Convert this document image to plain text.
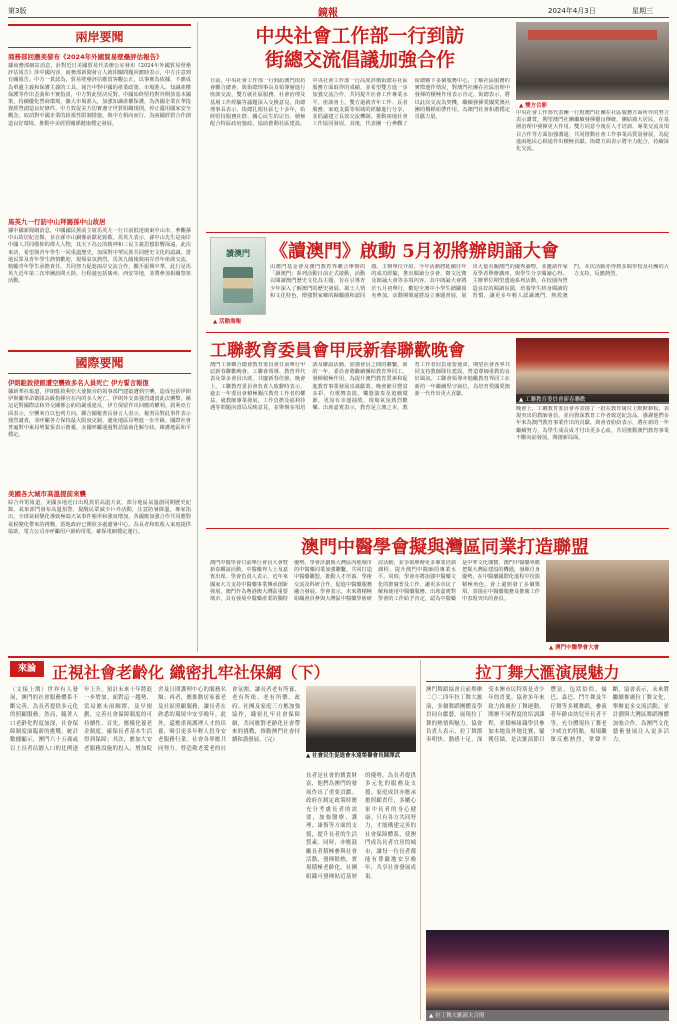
第3版	鏡報	2024年4月3日	星期三
兩岸要聞
商務部回應美發布《2024年外國貿易壁壘評估報告》
據商務部網站消息，針對近日美國貿易代表辦公室發布《2024年外國貿易壁壘評估報告》涉中國內容，商務部新聞發言人就相關問題回應時表示，中方注意到有關報告。中方一貫認為，貿易壁壘評估應當客觀公正，以事實為依據，不應成為單邊主義和保護主義的工具。報告中對中國的產業政策、市場准入、知識產權保護等作出歪曲和不實指責，中方對此堅決反對。中國始終堅持對外開放基本國策，持續優化營商環境，擴大市場准入，加強知識產權保護，為各國企業在華投資經營創造良好條件。中方敦促美方切實遵守世貿組織規則，停止濫用國家安全概念，取消對中國企業的歧視性限制措施，與中方相向而行，為兩國經貿合作創造良好環境，推動中美經貿關係健康穩定發展。
馬英九一行訪中山拜謁孫中山故居
據中國新聞網消息，中國國民黨前主席馬英九一行日前抵達廣東中山市，參觀孫中山故居紀念館，並在孫中山銅像前獻花致敬。馬英九表示，孫中山先生是兩岸中國人共同敬仰的偉大人物，其天下為公的精神和三民主義思想影響深遠。此次來訪，希望與青年學生一同重溫歷史，加深對中華民族共同歷史文化的認識。當地民眾及青年學生熱情歡迎，現場氣氛熱烈。馬英九隨後與兩岸青年座談交流，勉勵青年學生承擔責任，共同努力促進兩岸交流合作，攜手振興中華。此行是馬英九近年第二次率團訪問大陸，行程還包括廣州、西安等地，並將參加相關祭祖活動。
國際要聞
伊朗駐敘使館遭空襲致多名人員死亡 伊方誓言報復
據新華社報道，伊朗駐敘利亞大使館旁的領事部門建築遭到空襲，造成包括伊朗伊斯蘭革命衛隊高級指揮官在內的多人死亡。伊朗外交部強烈譴責此次襲擊，稱這是對國際法和外交關係公約的嚴重違反，伊方保留作出回應的權利。敘利亞方面表示，空襲來自以色列方向。聯合國秘書長發言人表示，秘書長對此事件表示強烈譴責，並呼籲各方保持最大限度克制，避免地區局勢進一步升級。國際社會普遍對中東局勢緊張表示擔憂，多國呼籲通過對話協商化解分歧，維護地區和平穩定。
美國各大城市高溫提前來襲
綜合外電報道，美國多地近日出現異常高溫天氣，部分地區氣溫創同期歷史紀錄。氣象部門發布高溫預警，提醒民眾減少戶外活動，注意防暑降溫。專家指出，全球氣候變化導致極端天氣事件頻率和強度增加，各國應加強合作共同應對氣候變化帶來的挑戰。當地政府已開放多處避暑中心，為長者和低收入家庭提供協助，電力公司亦呼籲用戶節約用電，確保電網穩定運行。
中央社會工作部一行到訪
街總交流倡議加強合作
日前，中央社會工作部一行到訪澳門街坊會聯合總會，與街總理事長及領導層進行座談交流，雙方就社區服務、社會治理及基層工作經驗等議題深入交換意見。街總理事長表示，街總扎根社區七十多年，始終堅持服務社群、關心民生的宗旨，積極配合特區政府施政，協助推動社區建設。中央社會工作部一行高度評價街總在社區服務方面取得的成績，並希望雙方進一步加強交流合作，共同提升社會工作專業水平。座談會上，雙方還就青年工作、長者服務、家庭支援等領域的經驗進行分享，並倡議建立長效交流機制，推動兩地社會工作協同發展。其後，代表團一行參觀了街總轄下多個服務中心，了解社區服務的實際運作情況，對澳門社團在社區治理中發揮的積極作用表示肯定。街總表示，將以此次交流為契機，繼續發揮愛國愛澳社團的橋樑紐帶作用，為澳門社會和諧穩定貢獻力量。
▲ 雙方合影
中央社會工作部代表團一行對澳門社團在社區服務方面所作的努力表示讚賞，期望澳門社團繼續發揮優良傳統，團結廣大居民，在基層治理中發揮更大作用。雙方同意今後在人才培訓、專業交流及項目合作等方面加強溝通，共同推動社會工作事業高質量發展，為促進兩地民心相通作出積極貢獻。街總方面表示將全力配合，持續深化交流。
《讀澳門》啟動 5月初將辦朗誦大會
讀澳門
▲ 活動海報
由澳門基金會及澳門教育界聯合舉辦的「讀澳門」系列活動日前正式啟動，活動以閱讀澳門歷史文化為主題，旨在引導青少年深入了解澳門的歷史發展、風土人情和文化特色，增強對家鄉的歸屬感和認同感。主辦單位介紹，今年活動將延續往年的成功經驗，推出閱讀分享會、徵文比賽及朗誦大會等多項內容。其中朗誦大會將於五月初舉行，歡迎全澳中小學生踴躍報名參加。活動期間還將設立專題書展，展出大量有關澳門的優秀讀物，並邀請作家及學者舉辦講座，與學生分享閱讀心得。主辦單位期望透過系列活動，在校園內營造良好的閱讀氛圍，培養學生終身閱讀的習慣，讓更多年輕人認識澳門、熱愛澳門。本次活動亦得到多間學校及社團的大力支持，反應熱烈。
工聯教育委員會甲辰新春聯歡晚會
澳門工會聯合總會教育委員會日前舉行甲辰新春聯歡晚會，工聯會領導、教育界代表及眾多會員出席，共慶新春佳節。晚會上，工聯教育委員會負責人致辭時表示，過去一年委員會積極關注教育工作者的權益，就教師專業發展、工作負擔及福利待遇等問題向當局反映意見，並舉辦多項培訓及聯誼活動，加強會員之間的聯繫。新的一年，委員會將繼續團結教育界同工，發揮積極作用，為提升澳門教育質素和促進教育事業發展出謀獻策。晚會節目豐富多彩，有歌舞表演、樂器演奏及遊戲環節，更設有幸運抽獎，現場氣氛熱烈歡樂。出席嘉賓表示，教育是立澳之本，教育工作者肩負重要使命，期望社會各界共同支持教師隊伍建設，營造尊師重教的良好風氣。工聯會領導亦勉勵教育界同工在新的一年繼續堅守崗位，為培育愛國愛澳新一代作出更大貢獻。
▲ 工聯教育委員會新春聯歡
晚會上，工聯教育委員會亦表揚了一批在教育崗位上默默耕耘、表現突出的教師會員，並向資深教育工作者致送紀念品，感謝他們多年來為澳門教育事業作出的貢獻。與會者紛紛表示，將在新的一年繼續努力，為學生成長成才付出更多心血，共同推動澳門教育事業不斷向前發展，開創新局面。
澳門中醫學會擬與灣區同業打造聯盟
澳門中醫學會日前舉行會員大會暨新春聯誼活動，中醫藥界人士及嘉賓出席。學會負責人表示，近年來國家大力支持中醫藥事業傳承創新發展，澳門作為粵港澳大灣區重要城市，具有發展中醫藥產業的獨特優勢。學會計劃與大灣區內地城市的中醫藥同業加強聯繫，共同打造中醫藥聯盟，推動人才培養、學術交流及科研合作，促進中醫藥服務融合發展。學會表示，未來將積極組織會員參與大灣區中醫藥學術研討活動，並爭取舉辦更多專業培訓課程，提升澳門中醫師的專業水平。同時，學會亦將加強中醫藥文化的推廣普及工作，讓更多市民了解和使用中醫藥服務。出席嘉賓對學會的工作給予肯定，認為中醫藥是中華文化瑰寶，澳門中醫藥界應把握大灣區建設的機遇，發揮自身優勢，在中醫藥國際化進程中扮演積極角色。會上還頒發了多個獎項，表揚在中醫藥服務及推廣工作中表現突出的會員。
▲ 澳門中醫學會大會
來論	正視社會老齡化 織密扎牢社保網（下）
（文接上期）世界有人發展，澳門的社會服務體系不斷完善，為長者提供多元化的照顧服務。然而，隨著人口老齡化程度加深，社會保障制度面臨新的挑戰。統計數據顯示，澳門六十五歲或以上長者佔總人口的比例逐年上升，預計未來十年將進一步增加。面對這一趨勢，當局應未雨綢繆，及早規劃，完善社會保障制度的可持續性。首先，應優化養老金制度，確保長者基本生活得到保障；其次，應加大安老服務設施的投入，增加院舍及日間護理中心的服務名額；再者，應推動居家養老及社區照顧服務，讓長者在熟悉的環境中安享晚年。此外，還應重視護理人才的培養，吸引更多年輕人投身安老服務行業。社會各界應共同努力，營造敬老愛老的社會氛圍，讓長者老有所養、老有所依、老有所樂。政府、社團及家庭三方應加強協作，織密扎牢社會保障網，共同應對老齡化社會帶來的挑戰，推動澳門社會持續和諧發展。（完）
▲ 社會民生促進會永遠榮譽會長陳澤武
長者是社會的寶貴財富，他們為澳門的發展作出了重要貢獻。政府在制定政策時應充分考慮長者的需要，加強醫療、護理、康復等方面的支援，提升長者的生活質素。同時，亦應鼓勵長者積極參與社會活動，發揮餘熱，實現積極老齡化。社團組織可發揮貼近基層的優勢，為長者提供多元化的服務及支援。家庭成員亦應承擔照顧責任，多關心家中長者的身心健康。只有各方共同努力，才能構建完善的社會保障體系，使澳門成為長者宜居的城市，讓每一位長者都能有尊嚴地安享晚年，共享社會發展成果。
拉丁舞大滙演展魅力
澳門舞蹈協會日前舉辦二〇二四年拉丁舞大滙演，多個舞蹈團體及學員同台獻藝，展現拉丁舞的熱情與魅力。協會負責人表示，拉丁舞節奏明快、動感十足，深受本澳市民特別是青少年的喜愛。協會多年來致力推廣拉丁舞運動，開辦不同程度的培訓課程，並積極組織學員參加本地及外地比賽，屢獲佳績。是次滙演節目豐富，包括恰恰、倫巴、森巴、鬥牛舞及牛仔舞等多種舞蹈，參演者年齡由幼兒至長者不等，充分體現拉丁舞老少咸宜的特點。現場觀眾反應熱烈，掌聲不斷。協會表示，未來將繼續推廣拉丁舞文化，舉辦更多交流活動，並計劃與大灣區舞蹈團體加強合作，為澳門文化藝術發展注入更多活力。
▲ 拉丁舞大滙演大合照
